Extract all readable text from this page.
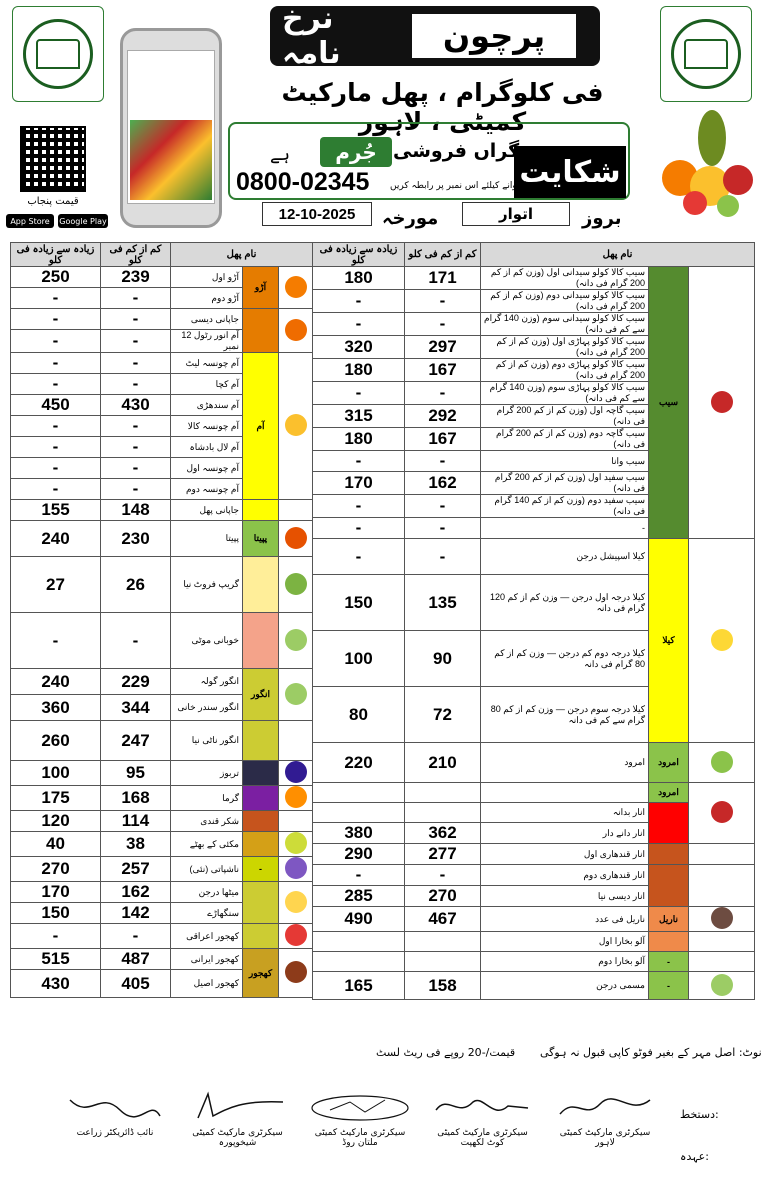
قیمت پنجاب
App Store	Google Play
پرچون
نرخ نامہ
فی کلوگرام ، پھل مارکیٹ کمیٹی ، لاہور
شکایت
گراں فروشی
جُرم
ہے
رجسٹر کروانے کیلئے اس نمبر پر رابطہ کریں
0800-02345
بروز
اتوار
مورخہ
12-10-2025
زیادہ سے زیادہ فی کلو	کم از کم فی کلو	نام پھل		
250	239	آڑو اول	آڑو	
-	-	آڑو دوم		
-	-	جاپانی دیسی		
-	-	آم انور رٹول 12 نمبر		
-	-	آم چونسہ لیٹ	آم	
-	-	آم کچا		
450	430	آم سندھڑی		
-	-	آم چونسہ کالا		
-	-	آم لال بادشاہ		
-	-	آم چونسہ اول		
-	-	آم چونسہ دوم		
155	148	جاپانی پھل		
240	230	پپیتا	پپیتا	
27	26	گریپ فروٹ نیا		
-	-	خوبانی موٹی		
240	229	انگور گولہ	انگور	
360	344	انگور سندر خانی		
260	247	انگور ناٹی نیا		
100	95	تربوز		
175	168	گرما		
120	114	شکر قندی		
40	38	مکئی کے بھٹے		
270	257	ناشپاتی (نئی)	-	
170	162	میٹھا درجن		
150	142	سنگھاڑے		
-	-	کھجور اعراقی		
515	487	کھجور ایرانی	کھجور	
430	405	کھجور اصیل		
زیادہ سے زیادہ فی کلو	کم از کم فی کلو	نام پھل		
180	171	سیب کالا کولو سیدانی اول (وزن کم از کم 200 گرام فی دانہ)	سیب	
-	-	سیب کالا کولو سیدانی دوم (وزن کم از کم 200 گرام فی دانہ)		
-	-	سیب کالا کولو سیدانی سوم (وزن 140 گرام سے کم فی دانہ)		
320	297	سیب کالا کولو پہاڑی اول (وزن کم از کم 200 گرام فی دانہ)		
180	167	سیب کالا کولو پہاڑی دوم (وزن کم از کم 200 گرام فی دانہ)		
-	-	سیب کالا کولو پہاڑی سوم (وزن 140 گرام سے کم فی دانہ)		
315	292	سیب گاچہ اول (وزن کم از کم 200 گرام فی دانہ)		
180	167	سیب گاچہ دوم (وزن کم از کم 200 گرام فی دانہ)		
-	-	سیب وانا		
170	162	سیب سفید اول (وزن کم از کم 200 گرام فی دانہ)		
-	-	سیب سفید دوم (وزن کم از کم 140 گرام فی دانہ)		
-	-	-		
-	-	کیلا اسپیشل درجن	کیلا	
150	135	کیلا درجہ اول درجن — وزن کم از کم 120 گرام فی دانہ		
100	90	کیلا درجہ دوم کم درجن — وزن کم از کم 80 گرام فی دانہ		
80	72	کیلا درجہ سوم درجن — وزن کم از کم 80 گرام سے کم فی دانہ		
220	210	امرود	امرود	
			امرود	
		انار بدانہ		
380	362	انار دانے دار		
290	277	انار قندھاری اول		
-	-	انار قندھاری دوم		
285	270	انار دیسی نیا		
490	467	ناریل فی عدد	ناریل	
		آلو بخارا اول		
		آلو بخارا دوم	-	
165	158	مسمی درجن	-	
نوٹ: اصل مہر کے بغیر فوٹو کاپی قبول نہ ہوگی
قیمت/-20 روپے فی ریٹ لسٹ
دستخط:
عہدہ:
سیکرٹری مارکیٹ کمیٹی لاہور
سیکرٹری مارکیٹ کمیٹی کوٹ لکھپت
سیکرٹری مارکیٹ کمیٹی ملتان روڈ
سیکرٹری مارکیٹ کمیٹی شیخوپورہ
نائب ڈائریکٹر زراعت
